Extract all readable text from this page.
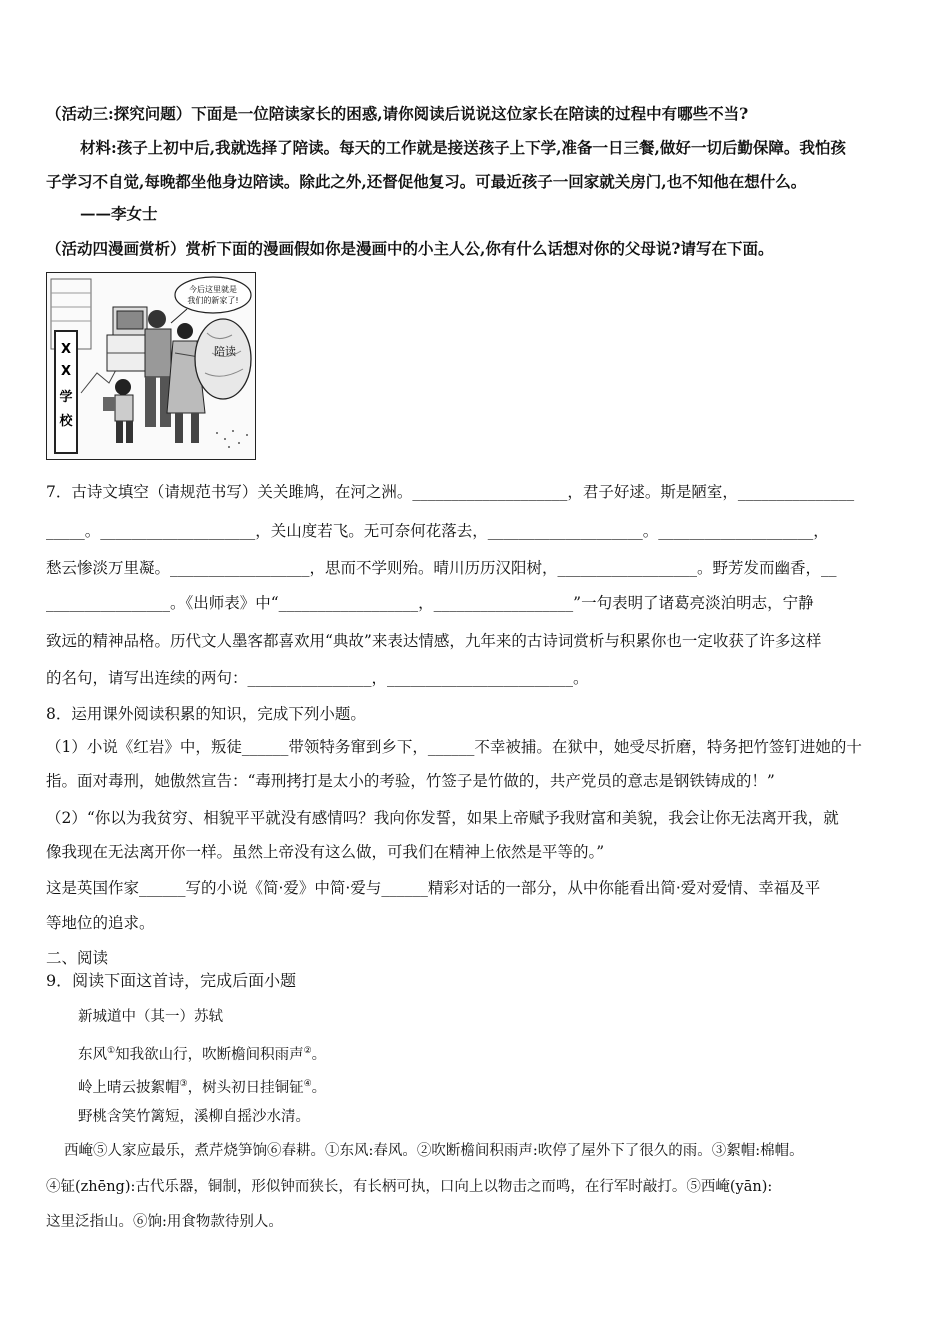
（活动三:探究问题）下面是一位陪读家长的困惑,请你阅读后说说这位家长在陪读的过程中有哪些不当?
材料:孩子上初中后,我就选择了陪读。每天的工作就是接送孩子上下学,准备一日三餐,做好一切后勤保障。我怕孩
子学习不自觉,每晚都坐他身边陪读。除此之外,还督促他复习。可最近孩子一回家就关房门,也不知他在想什么。
——李女士
（活动四漫画赏析）赏析下面的漫画假如你是漫画中的小主人公,你有什么话想对你的父母说?请写在下面。
X
X
学
校
今后这里就是
我们的新家了!
陪读
7．古诗文填空（请规范书写）关关雎鸠，在河之洲。____________________，君子好逑。斯是陋室，_______________
_____。____________________，关山度若飞。无可奈何花落去，____________________。____________________，
愁云惨淡万里凝。__________________，思而不学则殆。晴川历历汉阳树，__________________。野芳发而幽香，__
________________。《出师表》中“__________________，__________________”一句表明了诸葛亮淡泊明志，宁静
致远的精神品格。历代文人墨客都喜欢用“典故”来表达情感，九年来的古诗词赏析与积累你也一定收获了许多这样
的名句，请写出连续的两句：________________，________________________。
8．运用课外阅读积累的知识，完成下列小题。
（1）小说《红岩》中，叛徒______带领特务窜到乡下，______不幸被捕。在狱中，她受尽折磨，特务把竹签钉进她的十
指。面对毒刑，她傲然宣告：“毒刑拷打是太小的考验，竹签子是竹做的，共产党员的意志是钢铁铸成的！”
（2）“你以为我贫穷、相貌平平就没有感情吗？我向你发誓，如果上帝赋予我财富和美貌，我会让你无法离开我，就
像我现在无法离开你一样。虽然上帝没有这么做，可我们在精神上依然是平等的。”
这是英国作家______写的小说《简·爱》中简·爱与______精彩对话的一部分，从中你能看出简·爱对爱情、幸福及平
等地位的追求。
二、阅读
9．阅读下面这首诗，完成后面小题
新城道中（其一）苏轼
东风①知我欲山行，吹断檐间积雨声②。
岭上晴云披絮帽③，树头初日挂铜钲④。
野桃含笑竹篱短，溪柳自摇沙水清。
西崦⑤人家应最乐，煮芹烧笋饷⑥春耕。①东风:春风。②吹断檐间积雨声:吹停了屋外下了很久的雨。③絮帽:棉帽。
④钲(zhēng):古代乐器，铜制，形似钟而狭长，有长柄可执，口向上以物击之而鸣，在行军时敲打。⑤西崦(yān):
这里泛指山。⑥饷:用食物款待别人。
